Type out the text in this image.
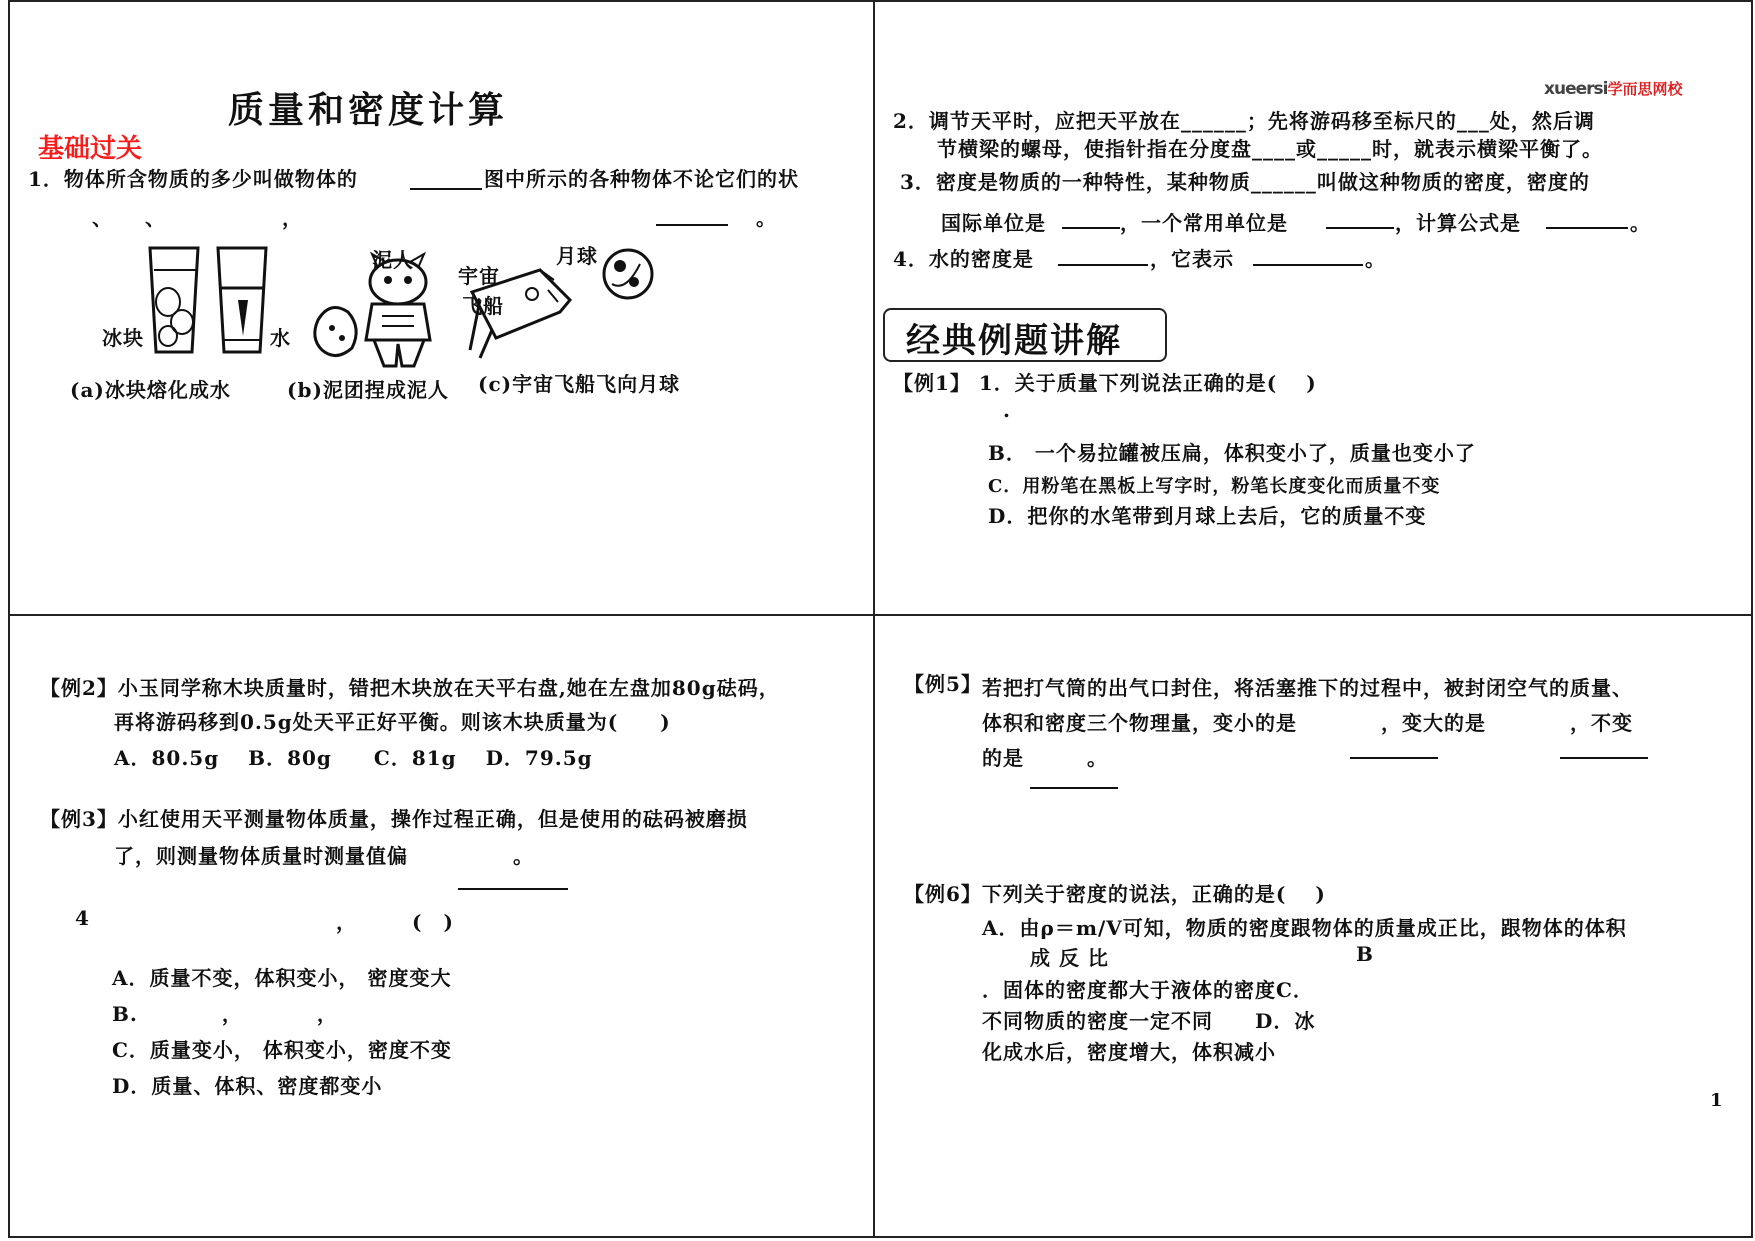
质量和密度计算
基础过关
1．物体所含物质的多少叫做物体的	图中所示的各种物体不论它们的状
、　　、　　　　　　，	。
冰块	水
泥人
宇宙
飞船
月球
(a)冰块熔化成水	(b)泥团捏成泥人 (c)宇宙飞船飞向月球
xueersi学而思网校
2．调节天平时，应把天平放在______；先将游码移至标尺的___处，然后调
节横梁的螺母，使指针指在分度盘____或_____时，就表示横梁平衡了。
3．密度是物质的一种特性，某种物质______叫做这种物质的密度，密度的
国际单位是	，一个常用单位是	，计算公式是	。
4．水的密度是	，它表示	。
经典例题讲解
【例1】 1．关于质量下列说法正确的是(　 )
.
B． 一个易拉罐被压扁，体积变小了，质量也变小了
C．用粉笔在黑板上写字时，粉笔长度变化而质量不变
D．把你的水笔带到月球上去后，它的质量不变
【例2】小玉同学称木块质量时，错把木块放在天平右盘,她在左盘加80g砝码，
再将游码移到0.5g处天平正好平衡。则该木块质量为(　　)
A．80.5g　 B．80g　　C．81g　 D．79.5g
【例3】小红使用天平测量物体质量，操作过程正确，但是使用的砝码被磨损
了，则测量物体质量时测量值偏　　　　　。
4	，	(　)
A．质量不变，体积变小， 密度变大
B.　　　　，　　　　，
C．质量变小， 体积变小，密度不变
D．质量、体积、密度都变小
【例5】 若把打气筒的出气口封住，将活塞推下的过程中，被封闭空气的质量、
体积和密度三个物理量，变小的是　　　　，变大的是　　　　，不变
的是　　　。
【例6】下列关于密度的说法，正确的是(　 )
A．由ρ＝m/V可知，物质的密度跟物体的质量成正比，跟物体的体积
成 反 比	B
．固体的密度都大于液体的密度C．
不同物质的密度一定不同　　D．冰
化成水后，密度增大，体积减小
1
